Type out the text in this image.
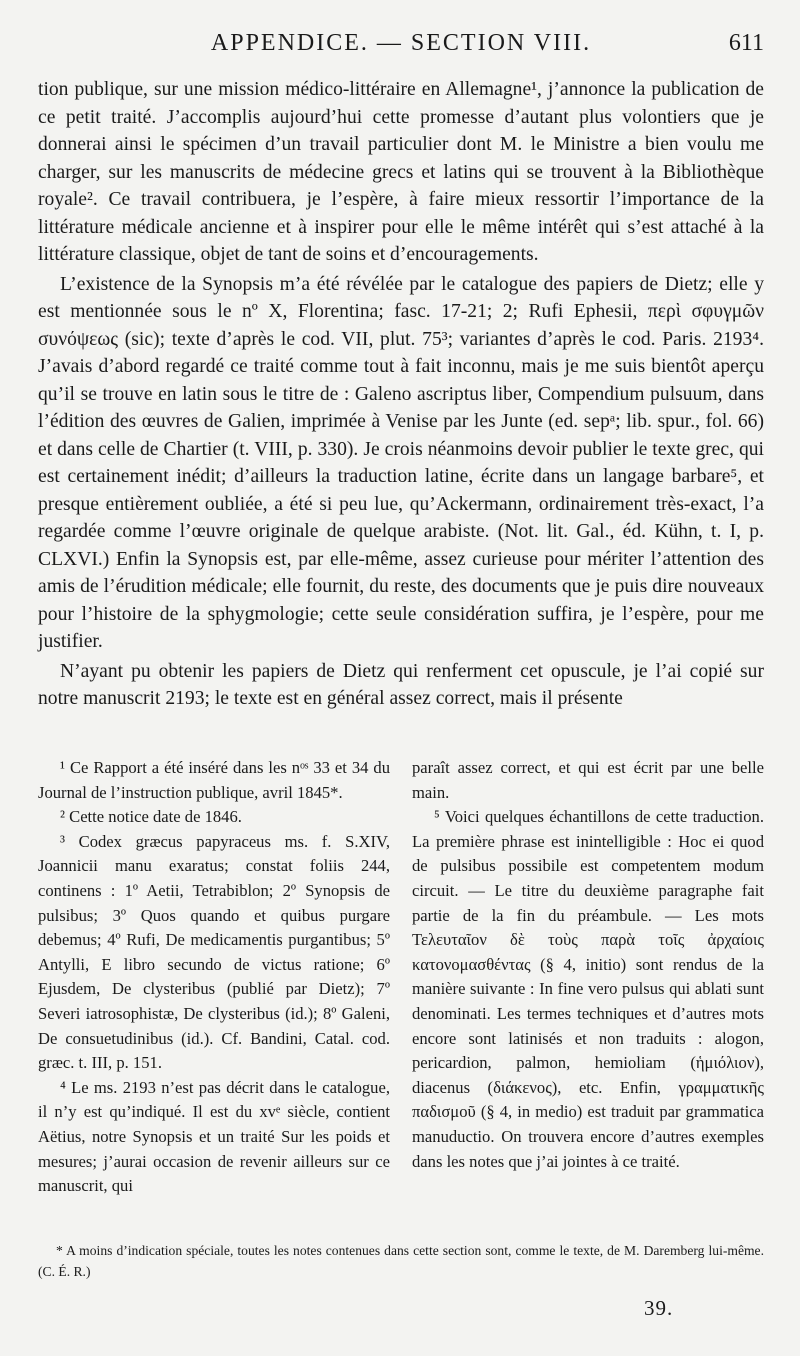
APPENDICE. — SECTION VIII.	611

tion publique, sur une mission médico-littéraire en Allemagne¹, j’annonce la publication de ce petit traité. J’accomplis aujourd’hui cette promesse d’autant plus volontiers que je donnerai ainsi le spécimen d’un travail particulier dont M. le Ministre a bien voulu me charger, sur les manuscrits de médecine grecs et latins qui se trouvent à la Bibliothèque royale². Ce travail contribuera, je l’espère, à faire mieux ressortir l’importance de la littérature médicale ancienne et à inspirer pour elle le même intérêt qui s’est attaché à la littérature classique, objet de tant de soins et d’encouragements.

L’existence de la Synopsis m’a été révélée par le catalogue des papiers de Dietz; elle y est mentionnée sous le nº X, Florentina; fasc. 17-21; 2; Rufi Ephesii, περὶ σφυγμῶν συνόψεως (sic); texte d’après le cod. VII, plut. 75³; variantes d’après le cod. Paris. 2193⁴. J’avais d’abord regardé ce traité comme tout à fait inconnu, mais je me suis bientôt aperçu qu’il se trouve en latin sous le titre de : Galeno ascriptus liber, Compendium pulsuum, dans l’édition des œuvres de Galien, imprimée à Venise par les Junte (ed. sepᵃ; lib. spur., fol. 66) et dans celle de Chartier (t. VIII, p. 330). Je crois néanmoins devoir publier le texte grec, qui est certainement inédit; d’ailleurs la traduction latine, écrite dans un langage barbare⁵, et presque entièrement oubliée, a été si peu lue, qu’Ackermann, ordinairement très-exact, l’a regardée comme l’œuvre originale de quelque arabiste. (Not. lit. Gal., éd. Kühn, t. I, p. CLXVI.) Enfin la Synopsis est, par elle-même, assez curieuse pour mériter l’attention des amis de l’érudition médicale; elle fournit, du reste, des documents que je puis dire nouveaux pour l’histoire de la sphygmologie; cette seule considération suffira, je l’espère, pour me justifier.

N’ayant pu obtenir les papiers de Dietz qui renferment cet opuscule, je l’ai copié sur notre manuscrit 2193; le texte est en général assez correct, mais il présente

¹ Ce Rapport a été inséré dans les nᵒˢ 33 et 34 du Journal de l’instruction publique, avril 1845*.

² Cette notice date de 1846.

³ Codex græcus papyraceus ms. f. S.XIV, Joannicii manu exaratus; constat foliis 244, continens : 1º Aetii, Tetrabiblon; 2º Synopsis de pulsibus; 3º Quos quando et quibus purgare debemus; 4º Rufi, De medicamentis purgantibus; 5º Antylli, E libro secundo de victus ratione; 6º Ejusdem, De clysteribus (publié par Dietz); 7º Severi iatrosophistæ, De clysteribus (id.); 8º Galeni, De consuetudinibus (id.). Cf. Bandini, Catal. cod. græc. t. III, p. 151.

⁴ Le ms. 2193 n’est pas décrit dans le catalogue, il n’y est qu’indiqué. Il est du xvᵉ siècle, contient Aëtius, notre Synopsis et un traité Sur les poids et mesures; j’aurai occasion de revenir ailleurs sur ce manuscrit, qui

paraît assez correct, et qui est écrit par une belle main.

⁵ Voici quelques échantillons de cette traduction. La première phrase est inintelligible : Hoc ei quod de pulsibus possibile est competentem modum circuit. — Le titre du deuxième paragraphe fait partie de la fin du préambule. — Les mots Τελευταῖον δὲ τοὺς παρὰ τοῖς ἀρχαίοις κατονομασθέντας (§ 4, initio) sont rendus de la manière suivante : In fine vero pulsus qui ablati sunt denominati. Les termes techniques et d’autres mots encore sont latinisés et non traduits : alogon, pericardion, palmon, hemioliam (ἡμιόλιον), diacenus (διάκενος), etc. Enfin, γραμματικῆς παδισμοῦ (§ 4, in medio) est traduit par grammatica manuductio. On trouvera encore d’autres exemples dans les notes que j’ai jointes à ce traité.

* A moins d’indication spéciale, toutes les notes contenues dans cette section sont, comme le texte, de M. Daremberg lui-même. (C. É. R.)
39.
